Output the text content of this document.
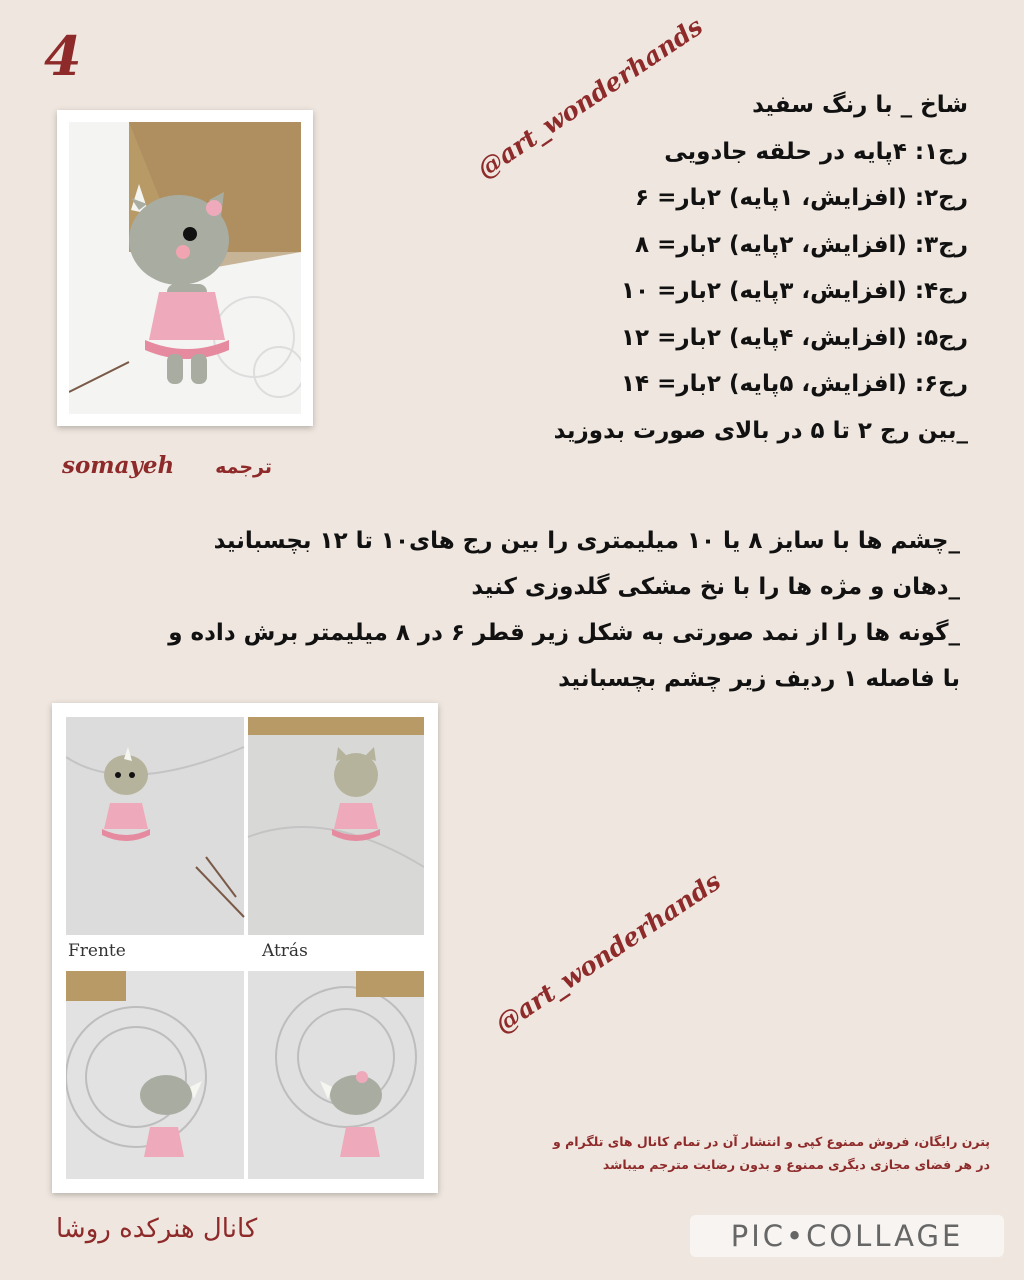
4
somayeh ترجمه
@art_wonderhands
@art_wonderhands
شاخ _ با رنگ سفید
رج۱: ۴پایه در حلقه جادویی
رج۲: (افزایش، ۱پایه) ۲بار= ۶
رج۳: (افزایش، ۲پایه) ۲بار= ۸
رج۴: (افزایش، ۳پایه) ۲بار= ۱۰
رج۵: (افزایش، ۴پایه) ۲بار= ۱۲
رج۶: (افزایش، ۵پایه) ۲بار= ۱۴
_بین رج ۲ تا ۵ در بالای صورت بدوزید
_چشم ها با سایز ۸ یا ۱۰ میلیمتری را بین رج های۱۰ تا ۱۲ بچسبانید
_دهان و مژه ها را با نخ مشکی گلدوزی کنید
_گونه ها را از نمد صورتی به شکل زیر قطر ۶ در ۸ میلیمتر برش داده و
با فاصله ۱ ردیف زیر چشم بچسبانید
Frente	Atrás
پترن رایگان، فروش ممنوع کپی و انتشار آن در تمام کانال های تلگرام و
در هر فضای مجازی دیگری ممنوع و بدون رضایت مترجم میباشد
کانال هنرکده روشا	PIC•COLLAGE
